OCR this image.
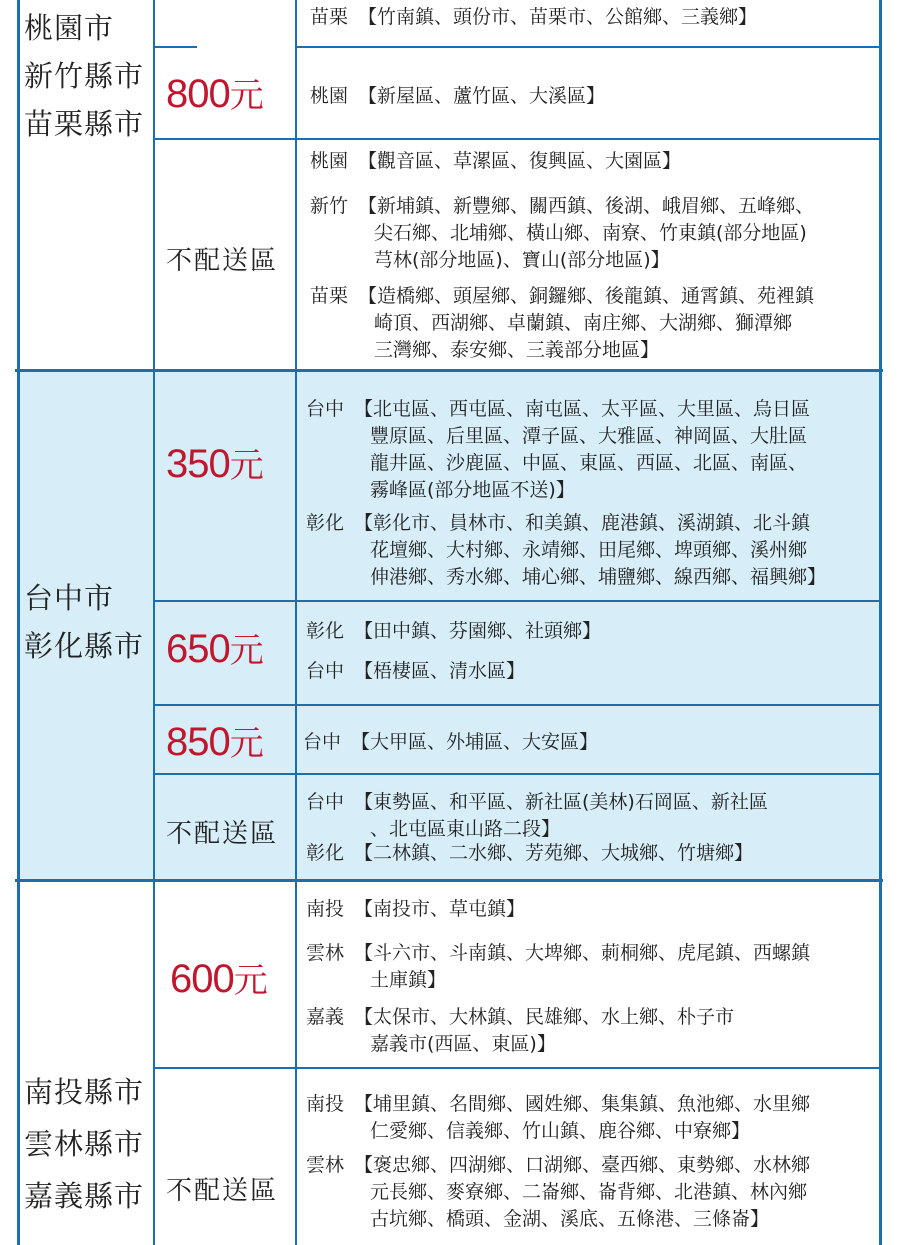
桃園市
新竹縣市
苗栗縣市
800元
苗栗 【竹南鎮、頭份市、苗栗市、公館鄉、三義鄉】
桃園 【新屋區、蘆竹區、大溪區】
不配送區
桃園 【觀音區、草漯區、復興區、大園區】
新竹 【新埔鎮、新豐鄉、關西鎮、後湖、峨眉鄉、五峰鄉、
尖石鄉、北埔鄉、橫山鄉、南寮、竹東鎮(部分地區)
芎林(部分地區)、寶山(部分地區)】
苗栗 【造橋鄉、頭屋鄉、銅鑼鄉、後龍鎮、通霄鎮、苑裡鎮
崎頂、西湖鄉、卓蘭鎮、南庄鄉、大湖鄉、獅潭鄉
三灣鄉、泰安鄉、三義部分地區】
台中市
彰化縣市
350元
台中 【北屯區、西屯區、南屯區、太平區、大里區、烏日區
豐原區、后里區、潭子區、大雅區、神岡區、大肚區
龍井區、沙鹿區、中區、東區、西區、北區、南區、
霧峰區(部分地區不送)】
彰化 【彰化市、員林市、和美鎮、鹿港鎮、溪湖鎮、北斗鎮
花壇鄉、大村鄉、永靖鄉、田尾鄉、埤頭鄉、溪州鄉
伸港鄉、秀水鄉、埔心鄉、埔鹽鄉、線西鄉、福興鄉】
650元 彰化 【田中鎮、芬園鄉、社頭鄉】
台中 【梧棲區、清水區】
850元 台中 【大甲區、外埔區、大安區】
不配送區
台中 【東勢區、和平區、新社區(美林)石岡區、新社區
、北屯區東山路二段】
彰化 【二林鎮、二水鄉、芳苑鄉、大城鄉、竹塘鄉】
南投縣市
雲林縣市
嘉義縣市
600元
南投 【南投市、草屯鎮】
雲林 【斗六市、斗南鎮、大埤鄉、莿桐鄉、虎尾鎮、西螺鎮
土庫鎮】
嘉義 【太保市、大林鎮、民雄鄉、水上鄉、朴子市
嘉義市(西區、東區)】
不配送區
南投 【埔里鎮、名間鄉、國姓鄉、集集鎮、魚池鄉、水里鄉
仁愛鄉、信義鄉、竹山鎮、鹿谷鄉、中寮鄉】
雲林 【褒忠鄉、四湖鄉、口湖鄉、臺西鄉、東勢鄉、水林鄉
元長鄉、麥寮鄉、二崙鄉、崙背鄉、北港鎮、林內鄉
古坑鄉、橋頭、金湖、溪底、五條港、三條崙】
